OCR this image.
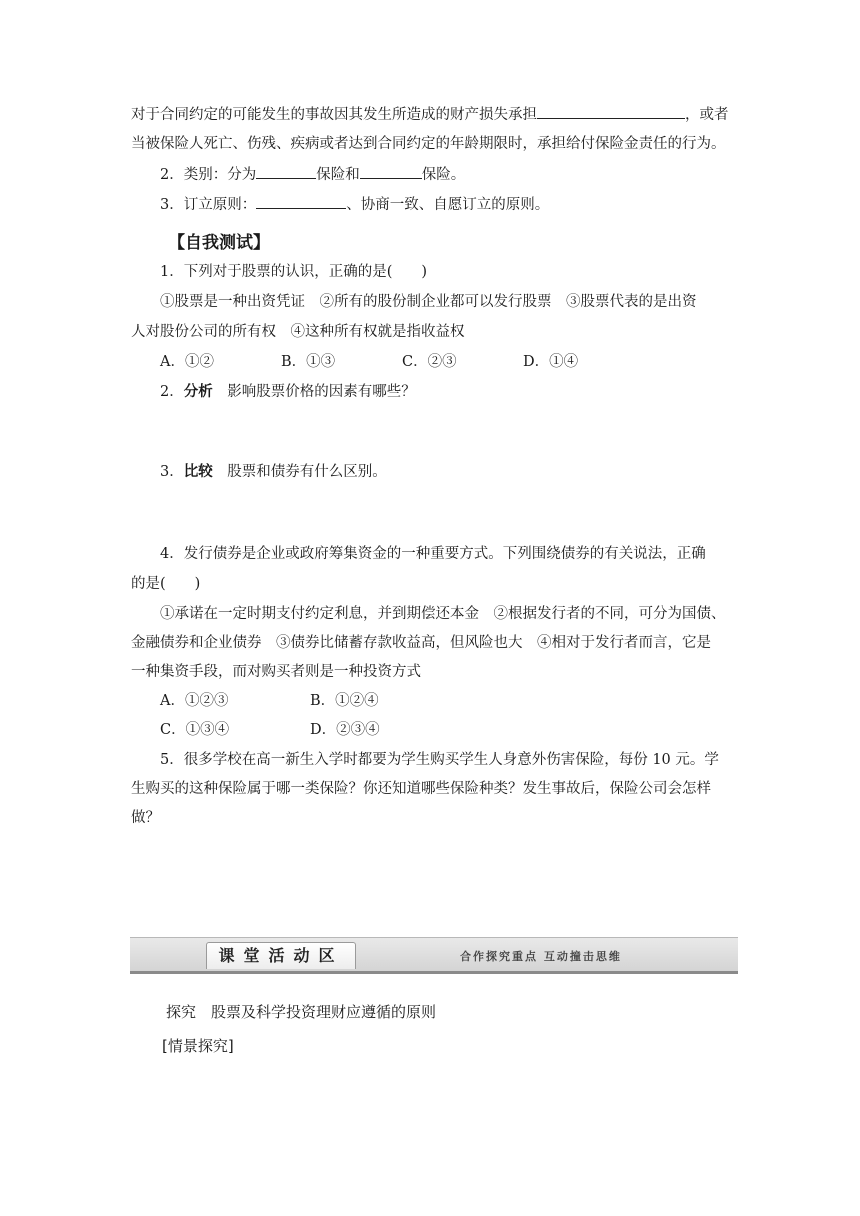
对于合同约定的可能发生的事故因其发生所造成的财产损失承担	，或者
当被保险人死亡、伤残、疾病或者达到合同约定的年龄期限时，承担给付保险金责任的行为。
2．类别：分为	保险和	保险。
3．订立原则：	、协商一致、自愿订立的原则。
【自我测试】
1．下列对于股票的认识，正确的是(　　)
①股票是一种出资凭证　②所有的股份制企业都可以发行股票　③股票代表的是出资
人对股份公司的所有权　④这种所有权就是指收益权
A．①②	B．①③	C．②③	D．①④
2．分析　 影响股票价格的因素有哪些？
3．比较　 股票和债券有什么区别。
4．发行债券是企业或政府筹集资金的一种重要方式。下列围绕债券的有关说法，正确
的是(　　)
①承诺在一定时期支付约定利息，并到期偿还本金　②根据发行者的不同，可分为国债、
金融债券和企业债券　③债券比储蓄存款收益高，但风险也大　④相对于发行者而言，它是
一种集资手段，而对购买者则是一种投资方式
A．①②③	B．①②④
C．①③④	D．②③④
5．很多学校在高一新生入学时都要为学生购买学生人身意外伤害保险，每份 10 元。学
生购买的这种保险属于哪一类保险？你还知道哪些保险种类？发生事故后，保险公司会怎样
做？
课堂活动区	合作探究重点 互动撞击思维
探究　 股票及科学投资理财应遵循的原则
[情景探究]
